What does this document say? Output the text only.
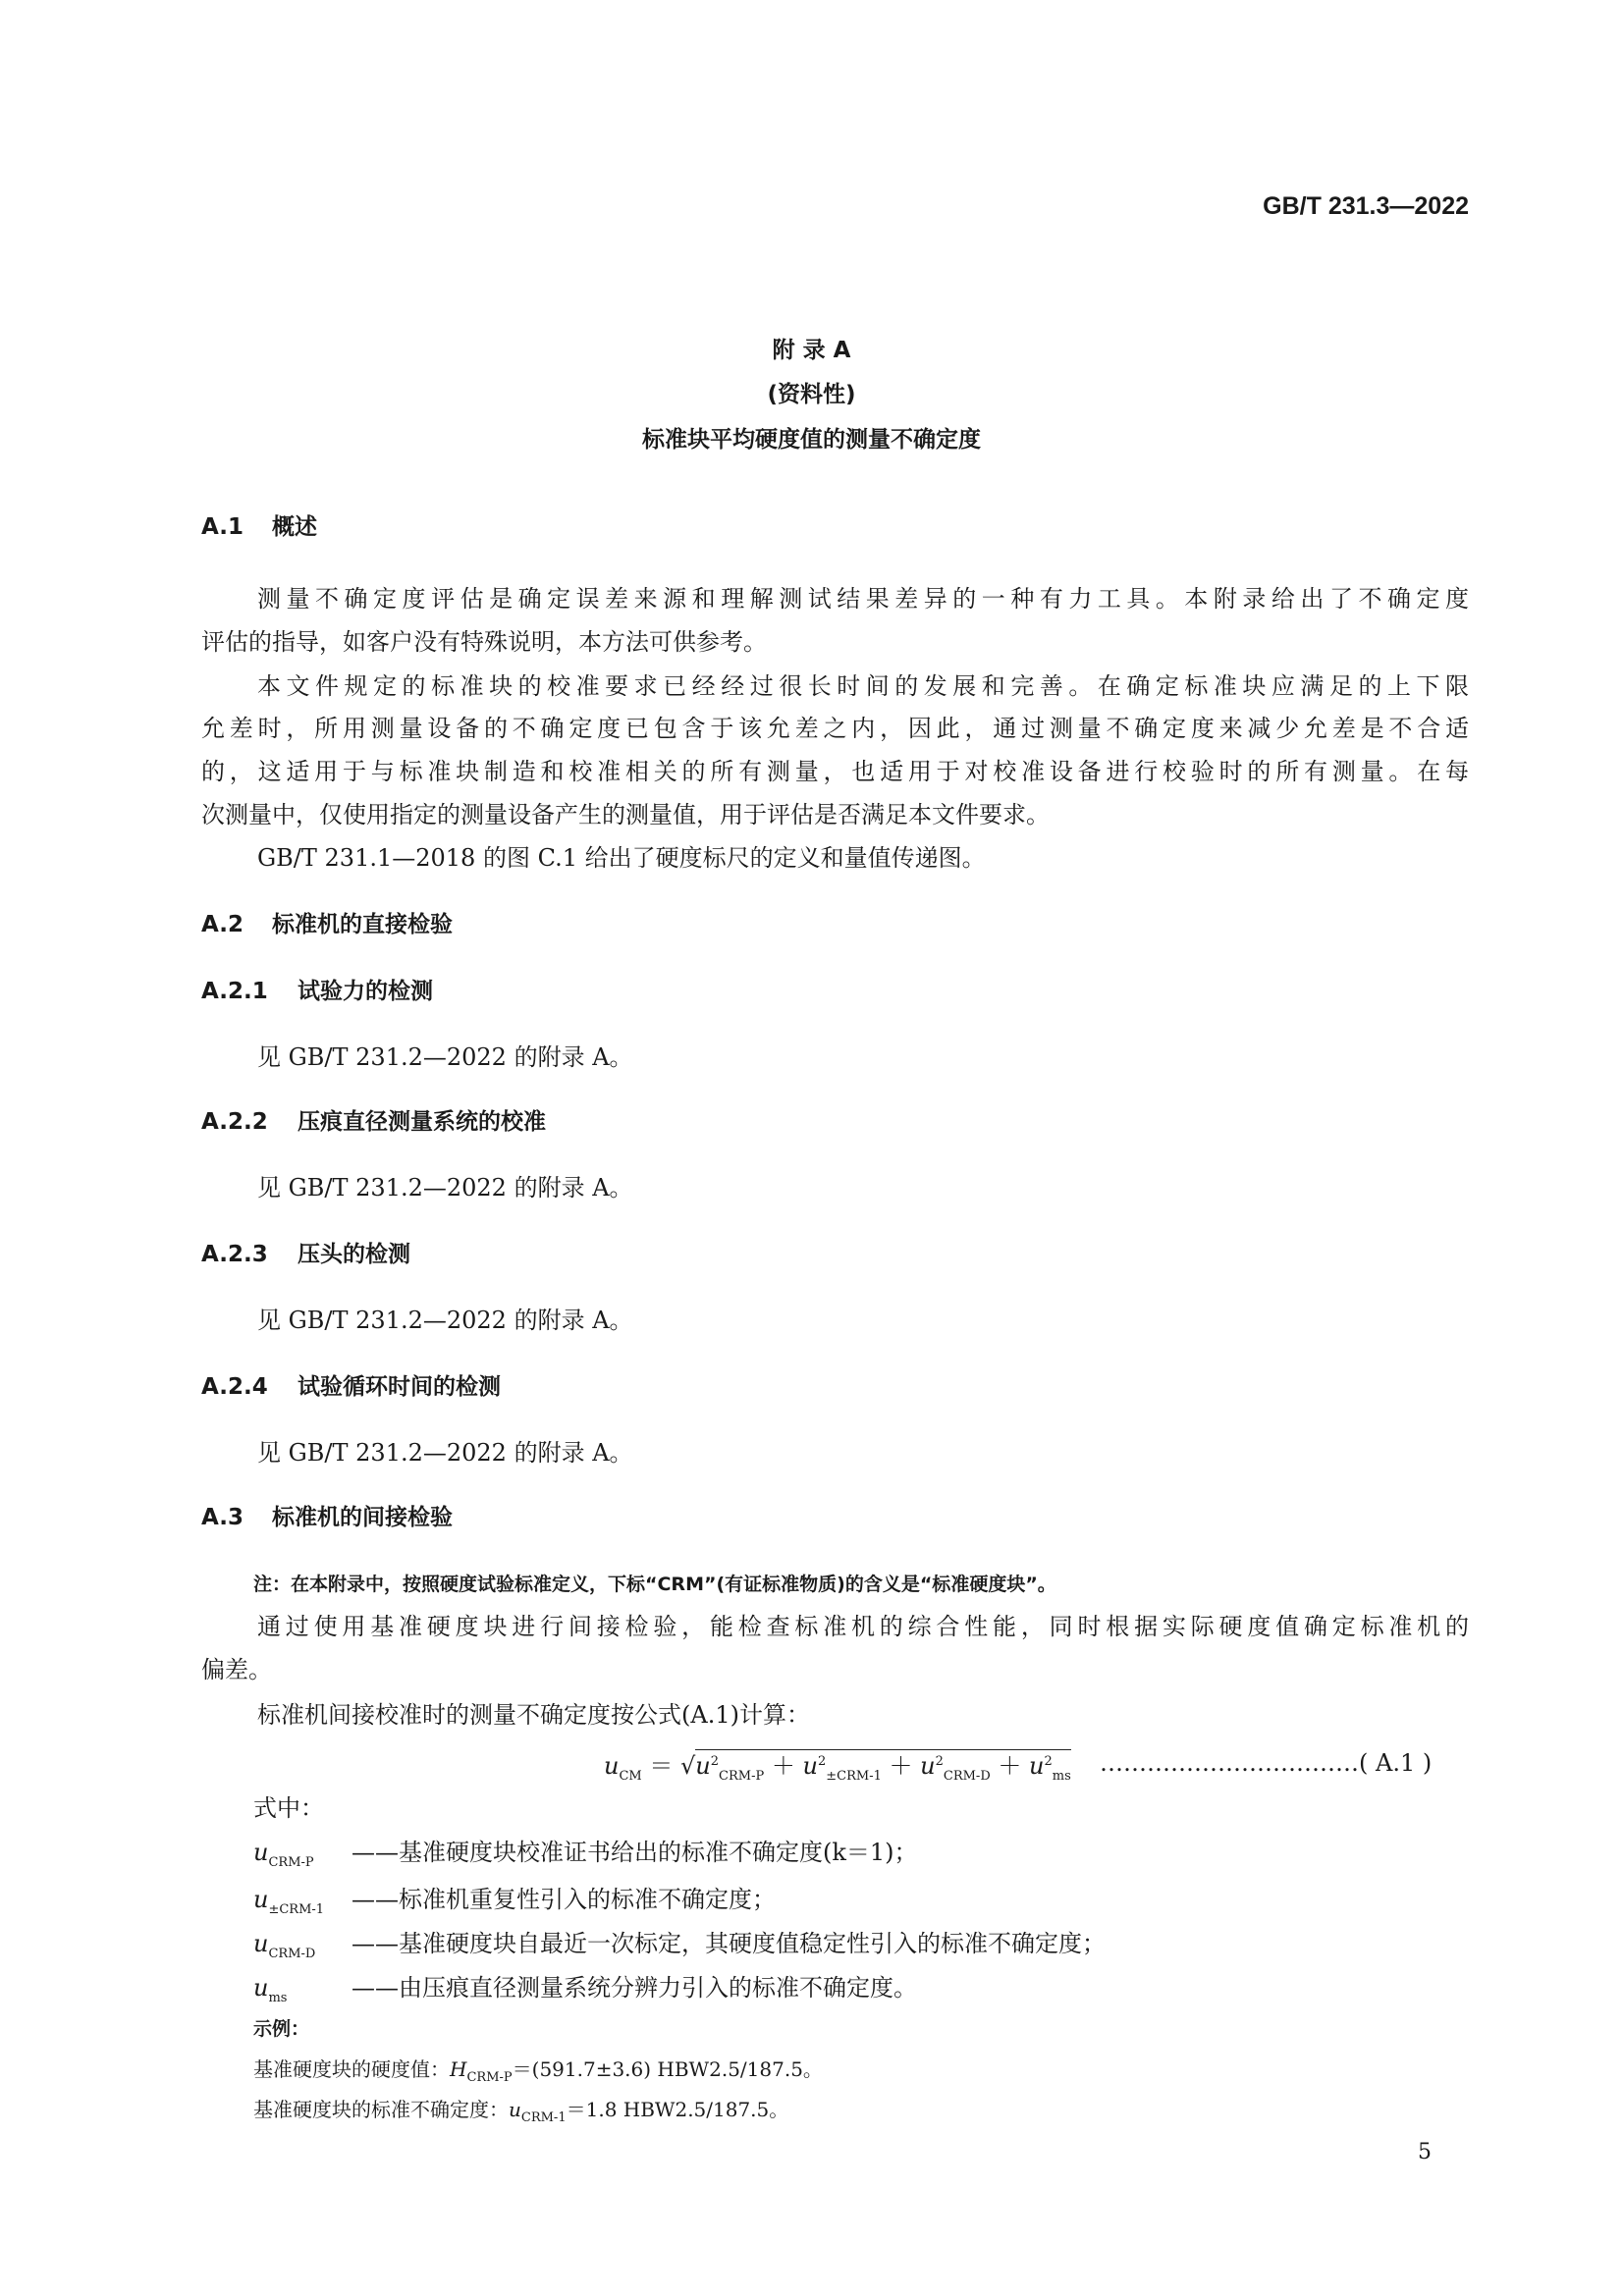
GB/T 231.3—2022
附 录 A
(资料性)
标准块平均硬度值的测量不确定度
A.1 概述
测量不确定度评估是确定误差来源和理解测试结果差异的一种有力工具。本附录给出了不确定度
评估的指导，如客户没有特殊说明，本方法可供参考。
本文件规定的标准块的校准要求已经经过很长时间的发展和完善。在确定标准块应满足的上下限
允差时，所用测量设备的不确定度已包含于该允差之内，因此，通过测量不确定度来减少允差是不合适
的，这适用于与标准块制造和校准相关的所有测量，也适用于对校准设备进行校验时的所有测量。在每
次测量中，仅使用指定的测量设备产生的测量值，用于评估是否满足本文件要求。
GB/T 231.1—2018 的图 C.1 给出了硬度标尺的定义和量值传递图。
A.2 标准机的直接检验
A.2.1 试验力的检测
见 GB/T 231.2—2022 的附录 A。
A.2.2 压痕直径测量系统的校准
见 GB/T 231.2—2022 的附录 A。
A.2.3 压头的检测
见 GB/T 231.2—2022 的附录 A。
A.2.4 试验循环时间的检测
见 GB/T 231.2—2022 的附录 A。
A.3 标准机的间接检验
注：在本附录中，按照硬度试验标准定义，下标“CRM”(有证标准物质)的含义是“标准硬度块”。
通过使用基准硬度块进行间接检验，能检查标准机的综合性能，同时根据实际硬度值确定标准机的
偏差。
标准机间接校准时的测量不确定度按公式(A.1)计算：
$u_{CM} = √u^2_{CRM-P} + u^2_{\pm CRM-1} + u^2_{CRM-D} + u^2_{ms}$ ……………………………( A.1 )
式中：
$u_{CRM-P}$ ——基准硬度块校准证书给出的标准不确定度(k＝1)；
$u_{\pm CRM-1}$ ——标准机重复性引入的标准不确定度；
$u_{CRM-D}$ ——基准硬度块自最近一次标定，其硬度值稳定性引入的标准不确定度；
$u_{ms}$	——由压痕直径测量系统分辨力引入的标准不确定度。
示例：
基准硬度块的硬度值：$H_{CRM-P}=(591.7\pm 3.6)$ HBW2.5/187.5。
基准硬度块的标准不确定度：$u_{CRM-1}=1.8$ HBW2.5/187.5。
5
